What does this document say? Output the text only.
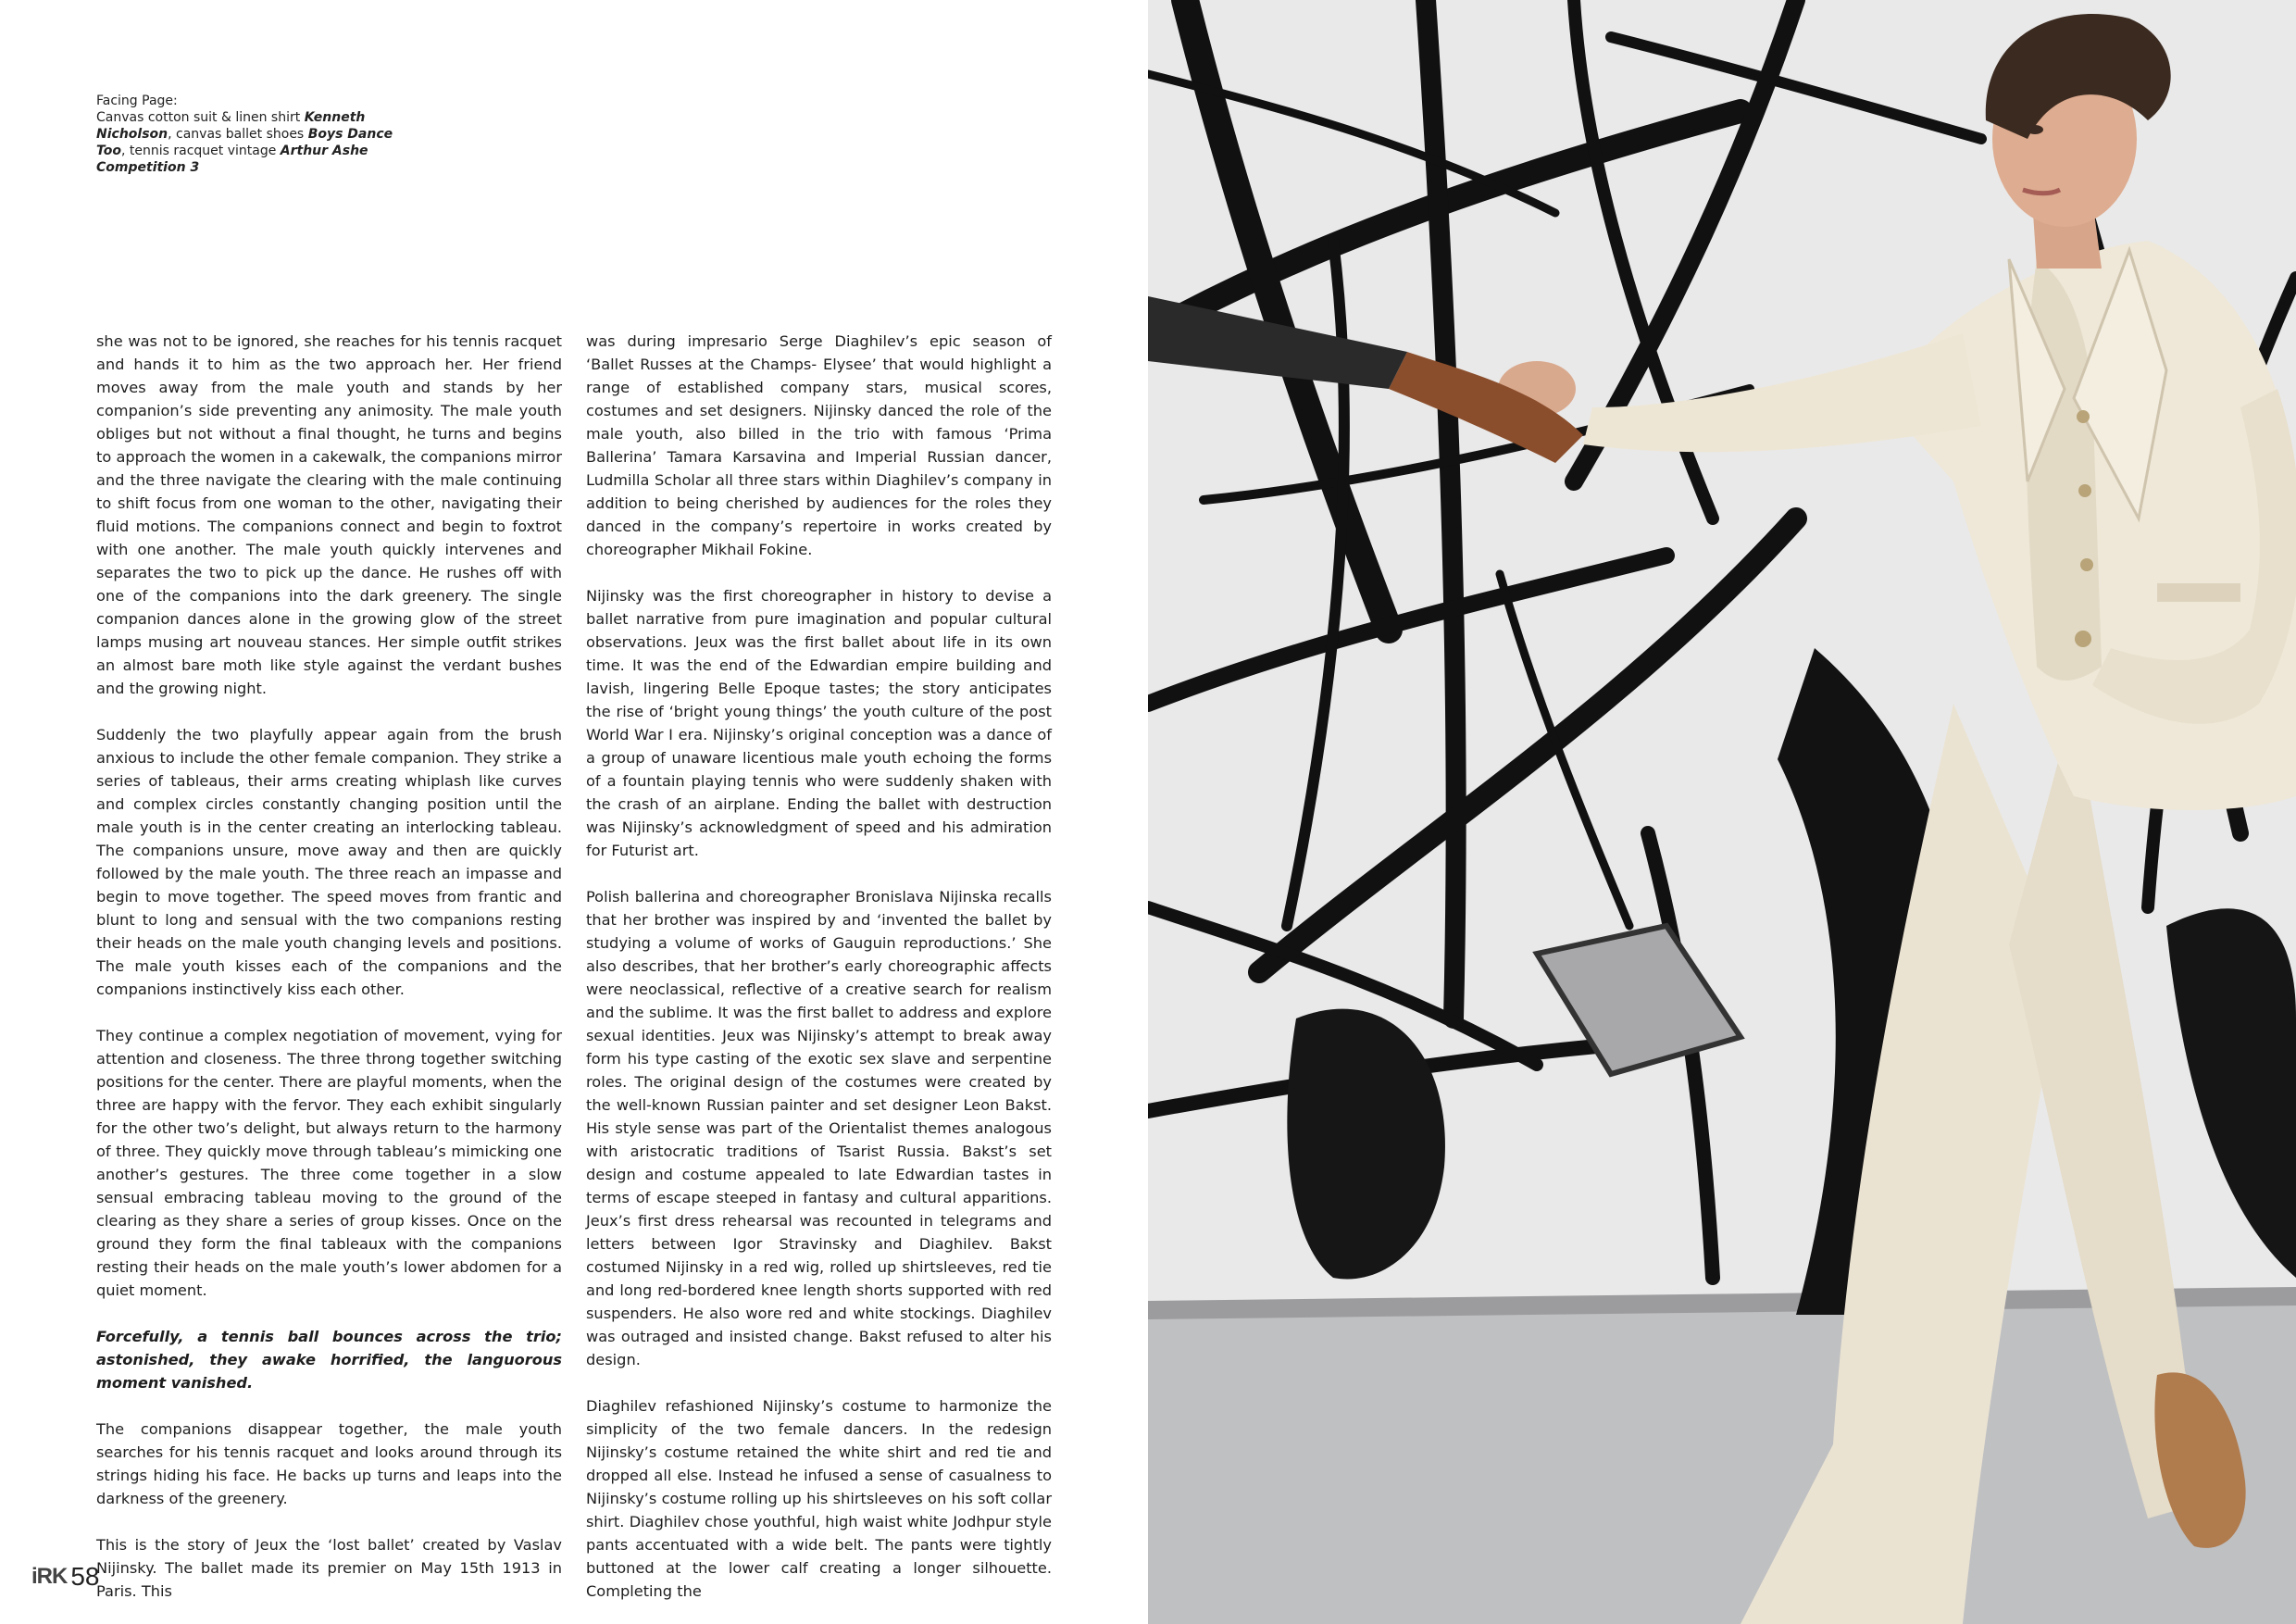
Facing Page:
Canvas cotton suit & linen shirt Kenneth Nicholson, canvas ballet shoes Boys Dance Too, tennis racquet vintage Arthur Ashe Competition 3

she was not to be ignored, she reaches for his tennis racquet and hands it to him as the two approach her. Her friend moves away from the male youth and stands by her companion’s side preventing any animosity. The male youth obliges but not without a final thought, he turns and begins to approach the women in a cakewalk, the companions mirror and the three navigate the clearing with the male continuing to shift focus from one woman to the other, navigating their fluid motions. The companions connect and begin to foxtrot with one another. The male youth quickly intervenes and separates the two to pick up the dance. He rushes off with one of the companions into the dark greenery. The single companion dances alone in the growing glow of the street lamps musing art nouveau stances. Her simple outfit strikes an almost bare moth like style against the verdant bushes and the growing night.

Suddenly the two playfully appear again from the brush anxious to include the other female companion. They strike a series of tableaus, their arms creating whiplash like curves and complex circles constantly changing position until the male youth is in the center creating an interlocking tableau. The companions unsure, move away and then are quickly followed by the male youth. The three reach an impasse and begin to move together. The speed moves from frantic and blunt to long and sensual with the two companions resting their heads on the male youth changing levels and positions. The male youth kisses each of the companions and the companions instinctively kiss each other.

They continue a complex negotiation of movement, vying for attention and closeness. The three throng together switching positions for the center. There are playful moments, when the three are happy with the fervor. They each exhibit singularly for the other two’s delight, but always return to the harmony of three. They quickly move through tableau’s mimicking one another’s gestures. The three come together in a slow sensual embracing tableau moving to the ground of the clearing as they share a series of group kisses. Once on the ground they form the final tableaux with the companions resting their heads on the male youth’s lower abdomen for a quiet moment.

Forcefully, a tennis ball bounces across the trio; astonished, they awake horrified, the languorous moment vanished.

The companions disappear together, the male youth searches for his tennis racquet and looks around through its strings hiding his face. He backs up turns and leaps into the darkness of the greenery.

This is the story of Jeux the ‘lost ballet’ created by Vaslav Nijinsky. The ballet made its premier on May 15th 1913 in Paris. This

was during impresario Serge Diaghilev’s epic season of ‘Ballet Russes at the Champs- Elysee’ that would highlight a range of established company stars, musical scores, costumes and set designers. Nijinsky danced the role of the male youth, also billed in the trio with famous ‘Prima Ballerina’ Tamara Karsavina and Imperial Russian dancer, Ludmilla Scholar all three stars within Diaghilev’s company in addition to being cherished by audiences for the roles they danced in the company’s repertoire in works created by choreographer Mikhail Fokine.

Nijinsky was the first choreographer in history to devise a ballet narrative from pure imagination and popular cultural observations. Jeux was the first ballet about life in its own time. It was the end of the Edwardian empire building and lavish, lingering Belle Epoque tastes; the story anticipates the rise of ‘bright young things’ the youth culture of the post World War I era. Nijinsky’s original conception was a dance of a group of unaware licentious male youth echoing the forms of a fountain playing tennis who were suddenly shaken with the crash of an airplane. Ending the ballet with destruction was Nijinsky’s acknowledgment of speed and his admiration for Futurist art.

Polish ballerina and choreographer Bronislava Nijinska recalls that her brother was inspired by and ‘invented the ballet by studying a volume of works of Gauguin reproductions.’ She also describes, that her brother’s early choreographic affects were neoclassical, reflective of a creative search for realism and the sublime. It was the first ballet to address and explore sexual identities. Jeux was Nijinsky’s attempt to break away form his type casting of the exotic sex slave and serpentine roles. The original design of the costumes were created by the well-known Russian painter and set designer Leon Bakst. His style sense was part of the Orientalist themes analogous with aristocratic traditions of Tsarist Russia. Bakst’s set design and costume appealed to late Edwardian tastes in terms of escape steeped in fantasy and cultural apparitions. Jeux’s first dress rehearsal was recounted in telegrams and letters between Igor Stravinsky and Diaghilev. Bakst costumed Nijinsky in a red wig, rolled up shirtsleeves, red tie and long red-bordered knee length shorts supported with red suspenders. He also wore red and white stockings. Diaghilev was outraged and insisted change. Bakst refused to alter his design.

Diaghilev refashioned Nijinsky’s costume to harmonize the simplicity of the two female dancers. In the redesign Nijinsky’s costume retained the white shirt and red tie and dropped all else. Instead he infused a sense of casualness to Nijinsky’s costume rolling up his shirtsleeves on his soft collar shirt. Diaghilev chose youthful, high waist white Jodhpur style pants accentuated with a wide belt. The pants were tightly buttoned at the lower calf creating a longer silhouette. Completing the

iRK 58
